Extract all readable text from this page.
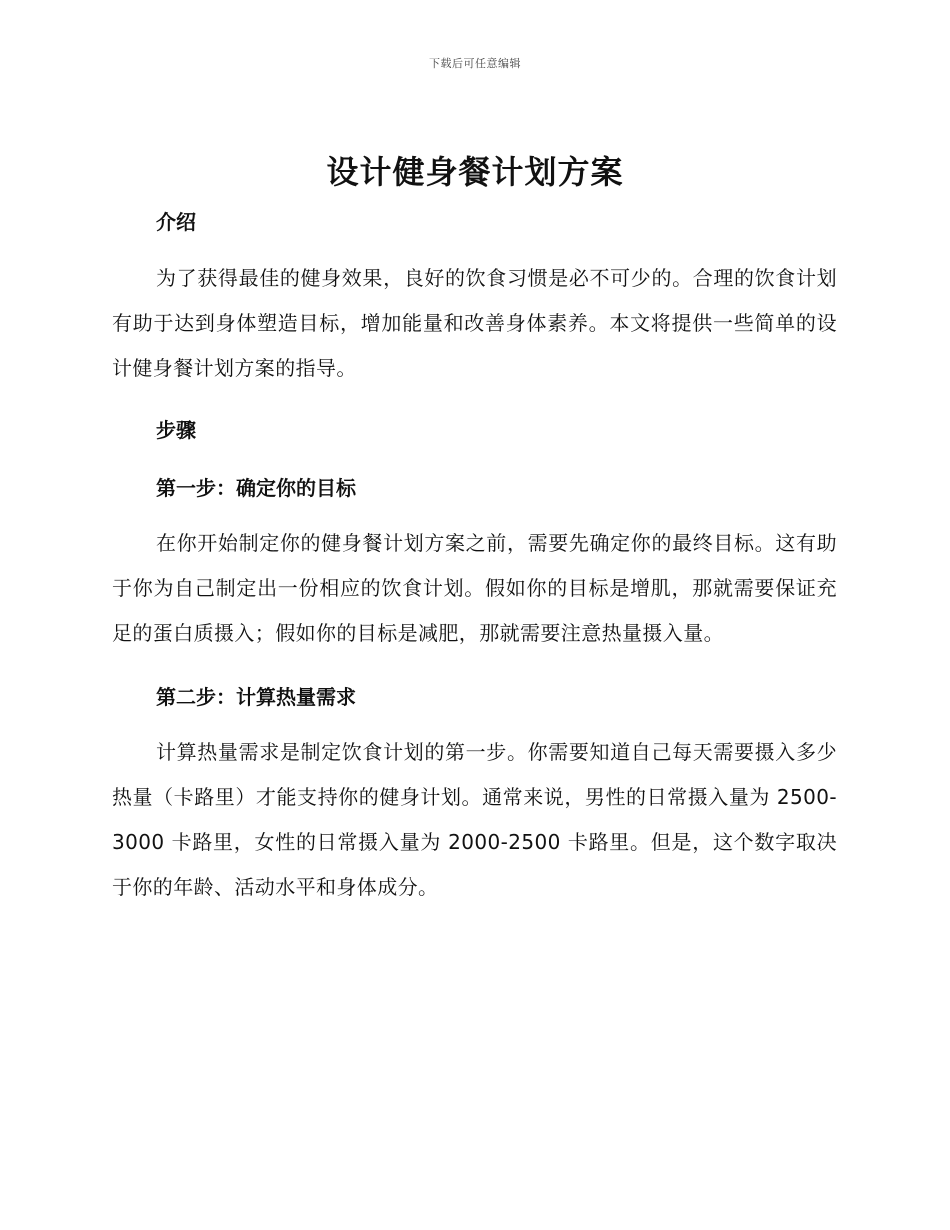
下载后可任意编辑
设计健身餐计划方案
介绍

为了获得最佳的健身效果，良好的饮食习惯是必不可少的。合理的饮食计划有助于达到身体塑造目标，增加能量和改善身体素养。本文将提供一些简单的设计健身餐计划方案的指导。

步骤
第一步：确定你的目标

在你开始制定你的健身餐计划方案之前，需要先确定你的最终目标。这有助于你为自己制定出一份相应的饮食计划。假如你的目标是增肌，那就需要保证充足的蛋白质摄入；假如你的目标是减肥，那就需要注意热量摄入量。

第二步：计算热量需求

计算热量需求是制定饮食计划的第一步。你需要知道自己每天需要摄入多少热量（卡路里）才能支持你的健身计划。通常来说，男性的日常摄入量为 2500-3000 卡路里，女性的日常摄入量为 2000-2500 卡路里。但是，这个数字取决于你的年龄、活动水平和身体成分。
